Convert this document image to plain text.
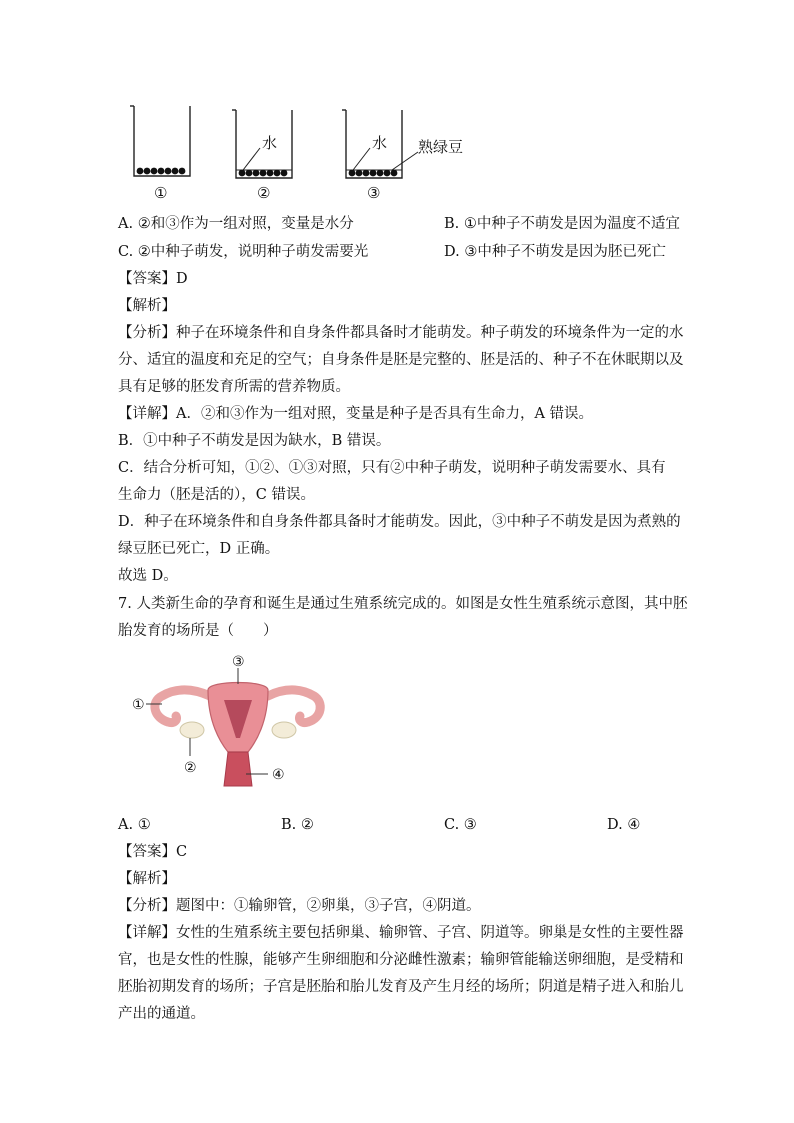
水	水 熟绿豆
①	②	③
A. ②和③作为一组对照，变量是水分	B. ①中种子不萌发是因为温度不适宜
C. ②中种子萌发，说明种子萌发需要光	D. ③中种子不萌发是因为胚已死亡
【答案】D
【解析】
【分析】种子在环境条件和自身条件都具备时才能萌发。种子萌发的环境条件为一定的水
分、适宜的温度和充足的空气；自身条件是胚是完整的、胚是活的、种子不在休眠期以及
具有足够的胚发育所需的营养物质。
【详解】A．②和③作为一组对照，变量是种子是否具有生命力，A 错误。
B．①中种子不萌发是因为缺水，B 错误。
C．结合分析可知，①②、①③对照，只有②中种子萌发，说明种子萌发需要水、具有
生命力（胚是活的），C 错误。
D．种子在环境条件和自身条件都具备时才能萌发。因此，③中种子不萌发是因为煮熟的
绿豆胚已死亡，D 正确。
故选 D。
7. 人类新生命的孕育和诞生是通过生殖系统完成的。如图是女性生殖系统示意图，其中胚
胎发育的场所是（　　）
①
③
②	④
A. ①	B. ②	C. ③	D. ④
【答案】C
【解析】
【分析】题图中：①输卵管，②卵巢，③子宫，④阴道。
【详解】女性的生殖系统主要包括卵巢、输卵管、子宫、阴道等。卵巢是女性的主要性器
官，也是女性的性腺，能够产生卵细胞和分泌雌性激素；输卵管能输送卵细胞，是受精和
胚胎初期发育的场所；子宫是胚胎和胎儿发育及产生月经的场所；阴道是精子进入和胎儿
产出的通道。
